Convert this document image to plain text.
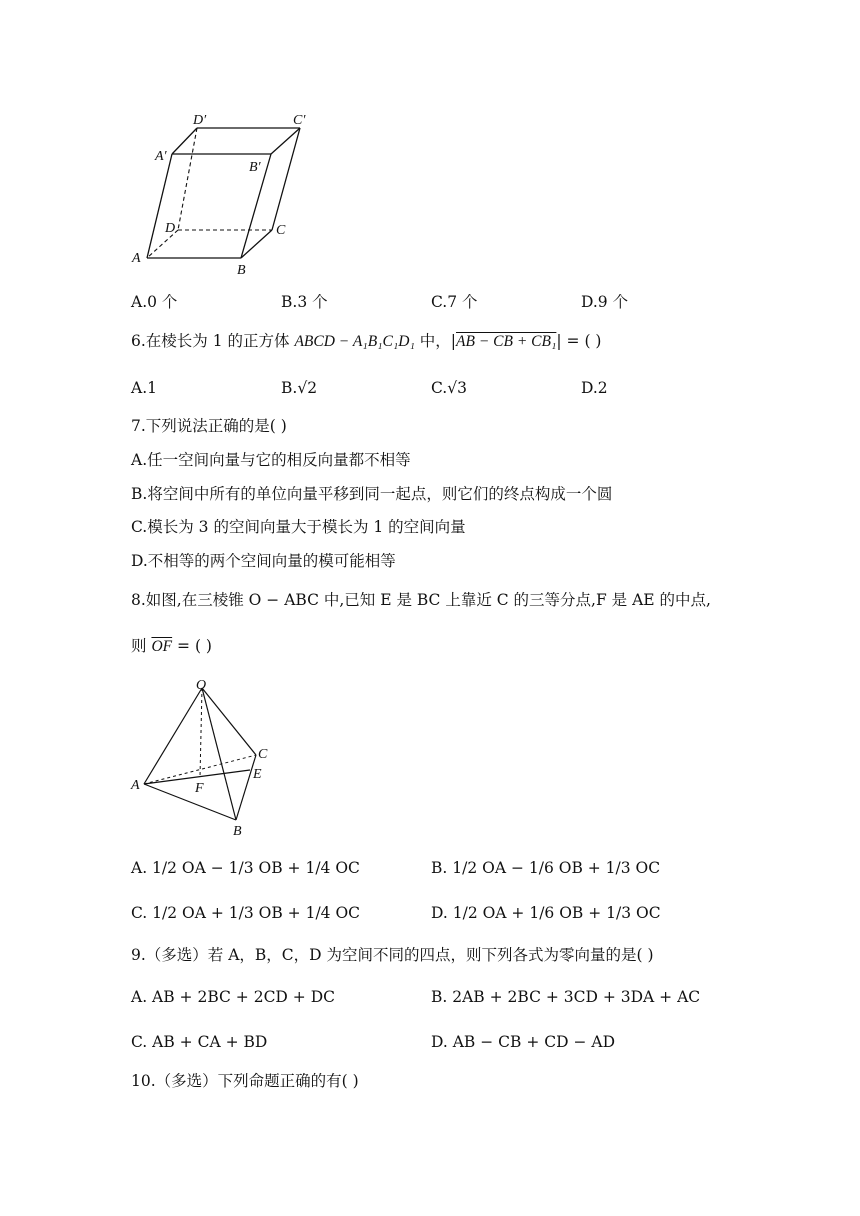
D′	C′
A′
B′
D	C
A
B
A.0 个	B.3 个	C.7 个	D.9 个
6.在棱长为 1 的正方体 ABCD − A₁B₁C₁D₁ 中，|AB − CB + CB₁| = ( )
A.1	B.√2	C.√3	D.2
7.下列说法正确的是( )
A.任一空间向量与它的相反向量都不相等
B.将空间中所有的单位向量平移到同一起点，则它们的终点构成一个圆
C.模长为 3 的空间向量大于模长为 1 的空间向量
D.不相等的两个空间向量的模可能相等
8.如图,在三棱锥 O − ABC 中,已知 E 是 BC 上靠近 C 的三等分点,F 是 AE 的中点,
则 $\overline{OF}$ = ( )
O
C
E
A	F
B
A. 1/2 OA − 1/3 OB + 1/4 OC	B. 1/2 OA − 1/6 OB + 1/3 OC
C. 1/2 OA + 1/3 OB + 1/4 OC	D. 1/2 OA + 1/6 OB + 1/3 OC
9.（多选）若 A，B，C，D 为空间不同的四点，则下列各式为零向量的是( )
A. AB + 2BC + 2CD + DC	B. 2AB + 2BC + 3CD + 3DA + AC
C. AB + CA + BD	D. AB − CB + CD − AD
10.（多选）下列命题正确的有( )
